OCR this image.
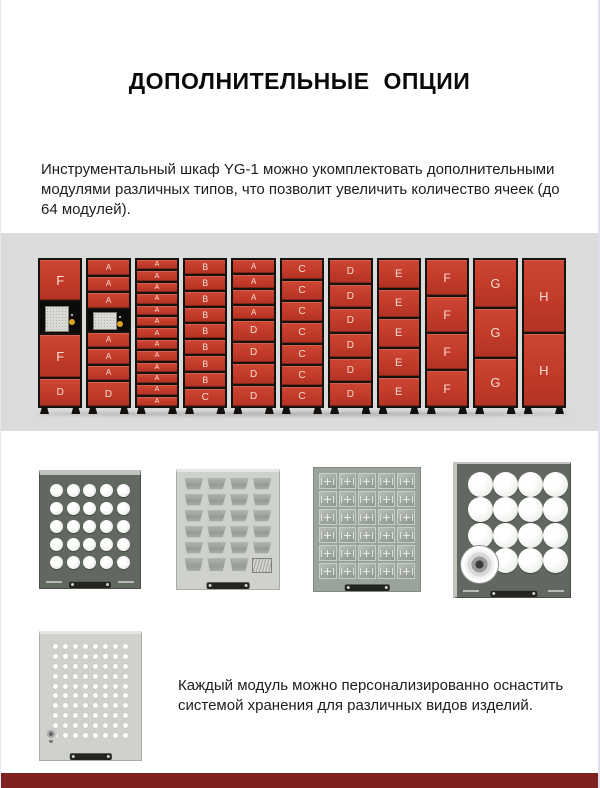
ДОПОЛНИТЕЛЬНЫЕ ОПЦИИ
Инструментальный шкаф YG-1 можно укомплектовать дополнительными модулями различных типов, что позволит увеличить количество ячеек (до 64 модулей).
F
F
D
A
A
A
A
A
A
D
A
A
A
A
A
A
A
A
A
A
A
A
A
B
B
B
B
B
B
B
B
C
A
A
A
A
D
D
D
D
C
C
C
C
C
C
C
D
D
D
D
D
D
E
E
E
E
E
F
F
F
F
G
G
G
H
H
Каждый модуль можно персонализированно оснастить системой хранения для различных видов изделий.
